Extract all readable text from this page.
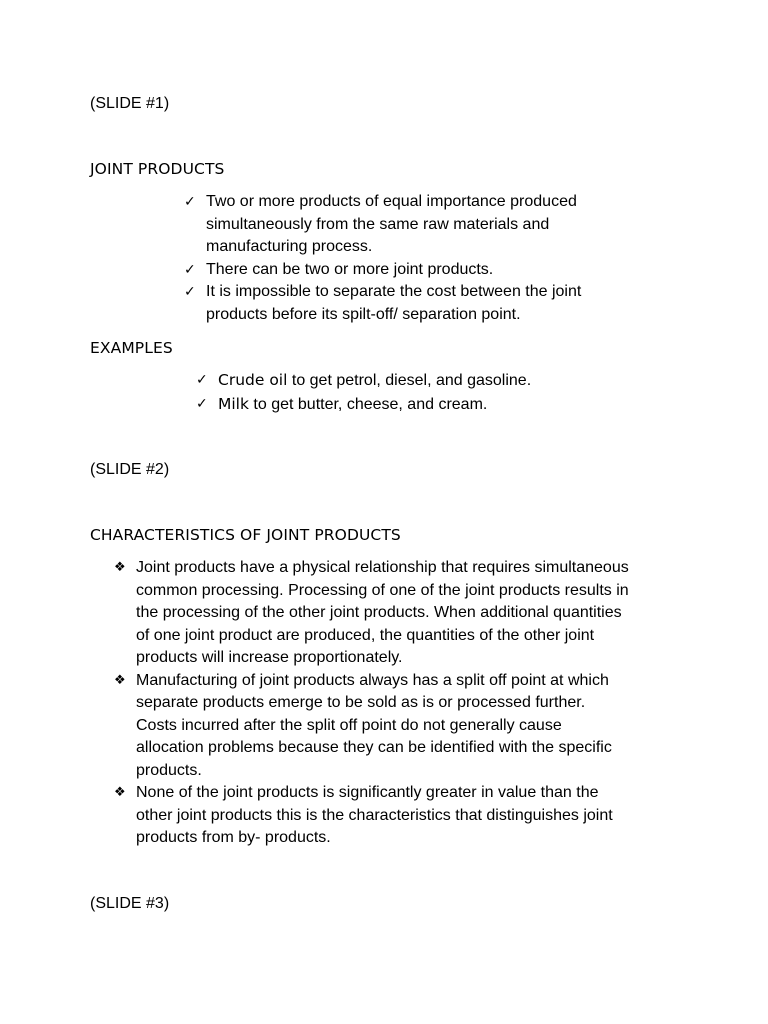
(SLIDE #1)

JOINT PRODUCTS

✓ Two or more products of equal importance produced
simultaneously from the same raw materials and
manufacturing process.
✓ There can be two or more joint products.
✓ It is impossible to separate the cost between the joint
products before its spilt-off/ separation point.

EXAMPLES

✓ Crude oil to get petrol, diesel, and gasoline.
✓ Milk to get butter, cheese, and cream.

(SLIDE #2)

CHARACTERISTICS OF JOINT PRODUCTS

❖ Joint products have a physical relationship that requires simultaneous
common processing. Processing of one of the joint products results in
the processing of the other joint products. When additional quantities
of one joint product are produced, the quantities of the other joint
products will increase proportionately.
❖ Manufacturing of joint products always has a split off point at which
separate products emerge to be sold as is or processed further.
Costs incurred after the split off point do not generally cause
allocation problems because they can be identified with the specific
products.
❖ None of the joint products is significantly greater in value than the
other joint products this is the characteristics that distinguishes joint
products from by- products.

(SLIDE #3)
